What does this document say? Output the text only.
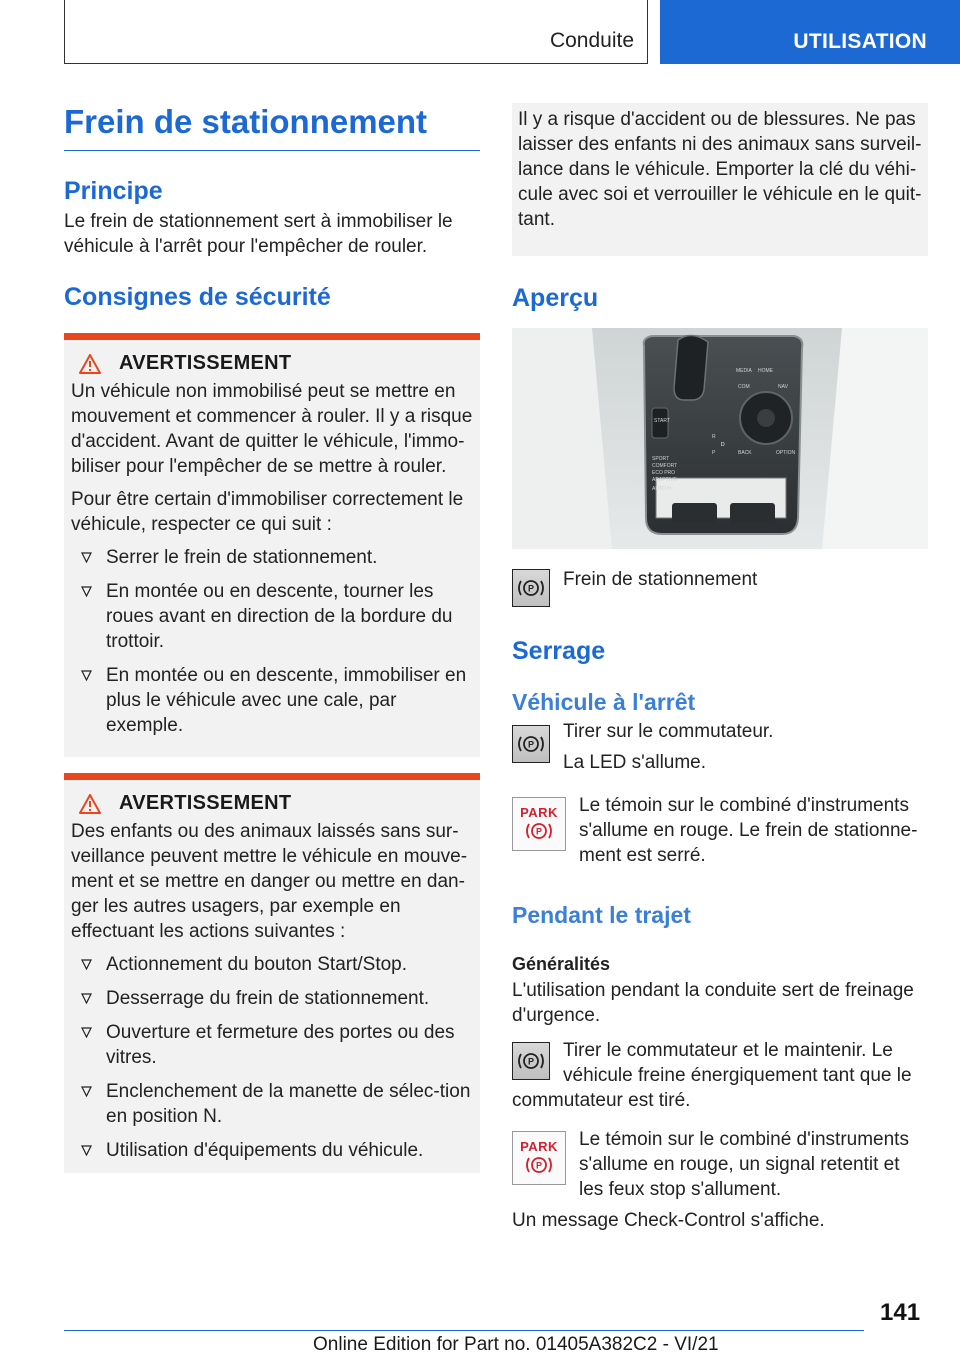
Conduite	UTILISATION
Frein de stationnement
Principe

Le frein de stationnement sert à immobiliser le véhicule à l'arrêt pour l'empêcher de rouler.

Consignes de sécurité
AVERTISSEMENT

Un véhicule non immobilisé peut se mettre en mouvement et commencer à rouler. Il y a risque d'accident. Avant de quitter le véhicule, l'immo-biliser pour l'empêcher de se mettre à rouler.

Pour être certain d'immobiliser correctement le véhicule, respecter ce qui suit :

Serrer le frein de stationnement.
En montée ou en descente, tourner les roues avant en direction de la bordure du trottoir.
En montée ou en descente, immobiliser en plus le véhicule avec une cale, par exemple.
AVERTISSEMENT

Des enfants ou des animaux laissés sans sur-veillance peuvent mettre le véhicule en mouve-ment et se mettre en danger ou mettre en dan-ger les autres usagers, par exemple en effectuant les actions suivantes :

Actionnement du bouton Start/Stop.
Desserrage du frein de stationnement.
Ouverture et fermeture des portes ou des vitres.
Enclenchement de la manette de sélec-tion en position N.
Utilisation d'équipements du véhicule.

Il y a risque d'accident ou de blessures. Ne pas laisser des enfants ni des animaux sans surveil-lance dans le véhicule. Emporter la clé du véhi-cule avec soi et verrouiller le véhicule en le quit-tant.

Aperçu
START
SPORT
COMFORT
ECO PRO
ADAPTIVE
AUTO H
MEDIA HOME
COM	NAV
BACK	OPTION
D
R
P
P Frein de stationnement

Serrage
Véhicule à l'arrêt
P

Tirer sur le commutateur.

La LED s'allume.

PARK
P

Le témoin sur le combiné d'instruments s'allume en rouge. Le frein de stationne-ment est serré.

Pendant le trajet
Généralités

L'utilisation pendant la conduite sert de freinage d'urgence.

P

Tirer le commutateur et le maintenir. Le véhicule freine énergiquement tant que le commutateur est tiré.

PARK
P

Le témoin sur le combiné d'instruments s'allume en rouge, un signal retentit et les feux stop s'allument.

Un message Check-Control s'affiche.

141
Online Edition for Part no. 01405A382C2 - VI/21
